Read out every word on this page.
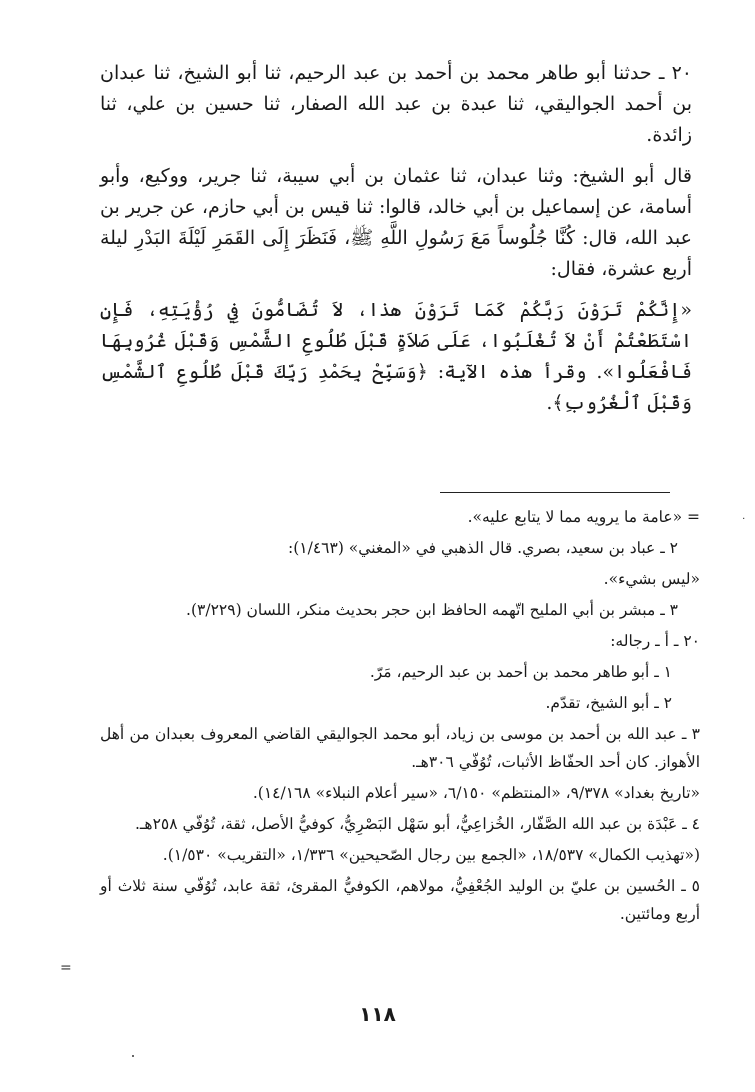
٢٠ ـ حدثنا أبو طاهر محمد بن أحمد بن عبد الرحيم، ثنا أبو الشيخ، ثنا عبدان بن أحمد الجواليقي، ثنا عبدة بن عبد الله الصفار، ثنا حسين بن علي، ثنا زائدة.

قال أبو الشيخ: وثنا عبدان، ثنا عثمان بن أبي سيبة، ثنا جرير، ووكيع، وأبو أسامة، عن إسماعيل بن أبي خالد، قالوا: ثنا قيس بن أبي حازم، عن جرير بن عبد الله، قال: كُنَّا جُلُوساً مَعَ رَسُولِ اللَّهِ ﷺ، فَنَظَرَ إِلَى القَمَرِ لَيْلَةَ البَدْرِ ليلة أربع عشرة، فقال:

«إِنَّكُمْ تَرَوْنَ رَبَّكُمْ كَمَا تَرَوْنَ هذا، لاَ تُضَامُّونَ فِي رُؤْيَتِهِ، فَإِنِ اسْتَطَعْتُمْ أَنْ لاَ تُغْلَبُوا، عَلَى صَلاَةٍ قَبْلَ طُلُوعِ الشَّمْسِ وَقَبْلَ غُرُوبِهَا فَافْعَلُوا». وقرأ هذه الآية: ﴿وَسَبِّحْ بِحَمْدِ رَبِّكَ قَبْلَ طُلُوعِ ٱلشَّمْسِ وَقَبْلَ ٱلْغُرُوبِ﴾.

= «عامة ما يرويه مما لا يتابع عليه».
٢ ـ عباد بن سعيد، بصري. قال الذهبي في «المغني» (١/٤٦٣):
«ليس بشيء».
٣ ـ مبشر بن أبي المليح اتّهمه الحافظ ابن حجر بحديث منكر، اللسان (٣/٢٢٩).
٢٠ ـ أ ـ رجاله:
١ ـ أبو طاهر محمد بن أحمد بن عبد الرحيم، مَرّ.
٢ ـ أبو الشيخ، تقدّم.
٣ ـ عبد الله بن أحمد بن موسى بن زياد، أبو محمد الجواليقي القاضي المعروف بعبدان من أهل الأهواز. كان أحد الحفّاظ الأثبات، تُوُفّي ٣٠٦هـ.
«تاريخ بغداد» ٩/٣٧٨، «المنتظم» ٦/١٥٠، «سير أعلام النبلاء» ١٤/١٦٨).
٤ ـ عَبْدَة بن عبد الله الصَّفّار، الخُزاعِيُّ، أبو سَهْل البَصْرِيُّ، كوفيُّ الأصل، ثقة، تُوُفّي ٢٥٨هـ.
(«تهذيب الكمال» ١٨/٥٣٧، «الجمع بين رجال الصّحيحين» ١/٣٣٦، «التقريب» ١/٥٣٠).
٥ ـ الحُسين بن عليّ بن الوليد الجُعْفِيُّ، مولاهم، الكوفيُّ المقرئ، ثقة عابد، تُوُفّي سنة ثلاث أو أربع ومائتين.
=
٠
١١٨
